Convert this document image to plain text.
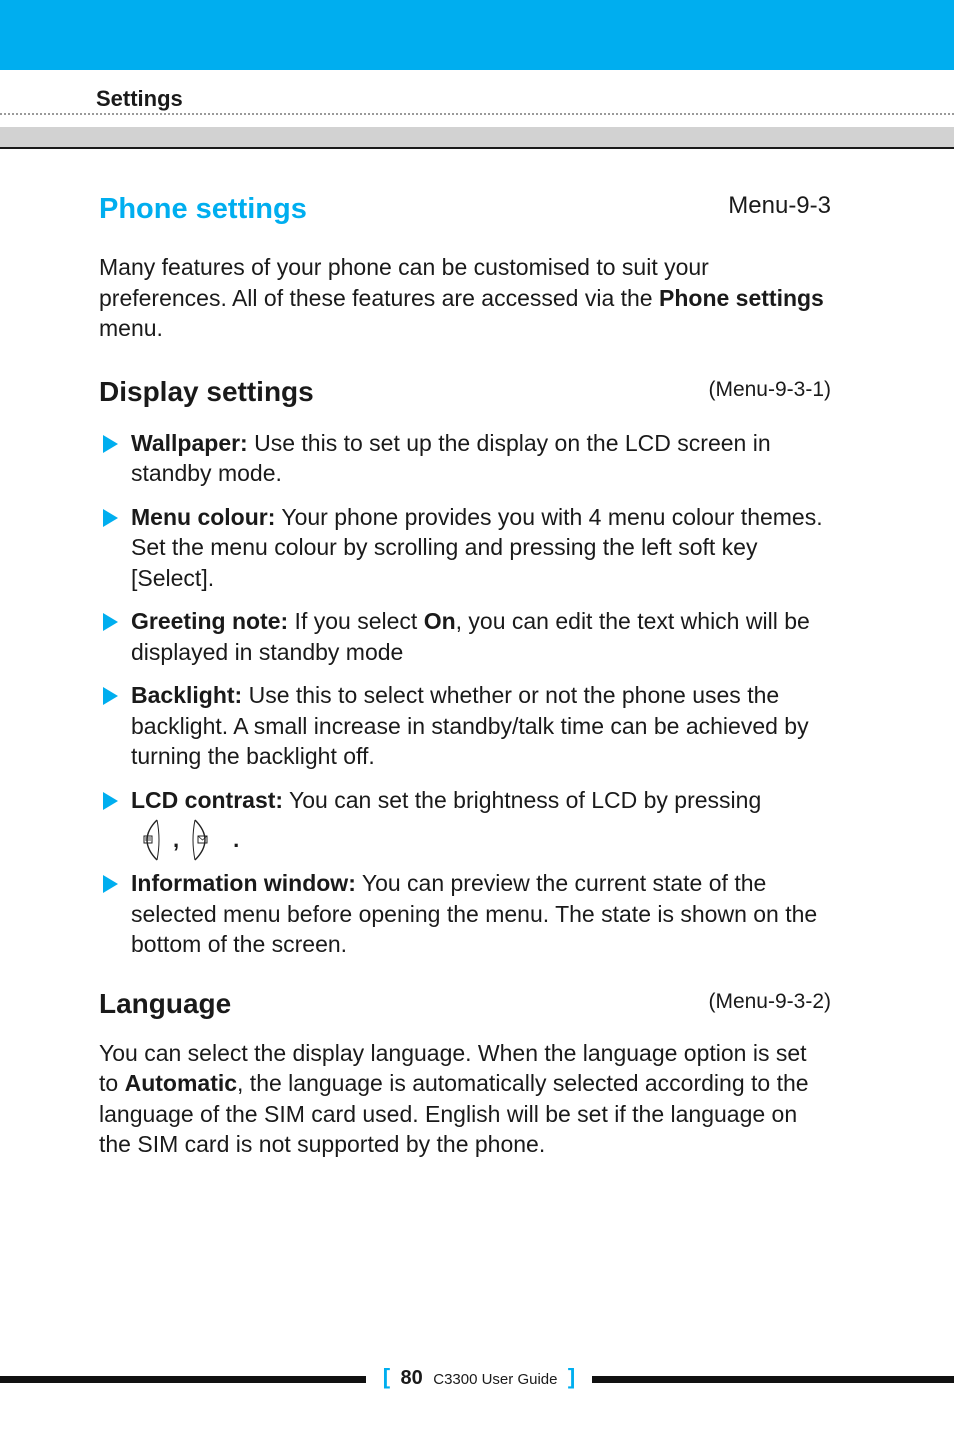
Settings
Phone settings	Menu-9-3

Many features of your phone can be customised to suit your preferences. All of these features are accessed via the Phone settings menu.

Display settings	(Menu-9-3-1)
Wallpaper: Use this to set up the display on the LCD screen in standby mode.
Menu colour: Your phone provides you with 4 menu colour themes. Set the menu colour by scrolling and pressing the left soft key [Select].
Greeting note: If you select On, you can edit the text which will be displayed in standby mode
Backlight: Use this to select whether or not the phone uses the backlight. A small increase in standby/talk time can be achieved by turning the backlight off.
LCD contrast: You can set the brightness of LCD by pressing
, .
Information window: You can preview the current state of the selected menu before opening the menu. The state is shown on the bottom of the screen.
Language	(Menu-9-3-2)

You can select the display language. When the language option is set to Automatic, the language is automatically selected according to the language of the SIM card used. English will be set if the language on the SIM card is not supported by the phone.

[ 80 C3300 User Guide ]
